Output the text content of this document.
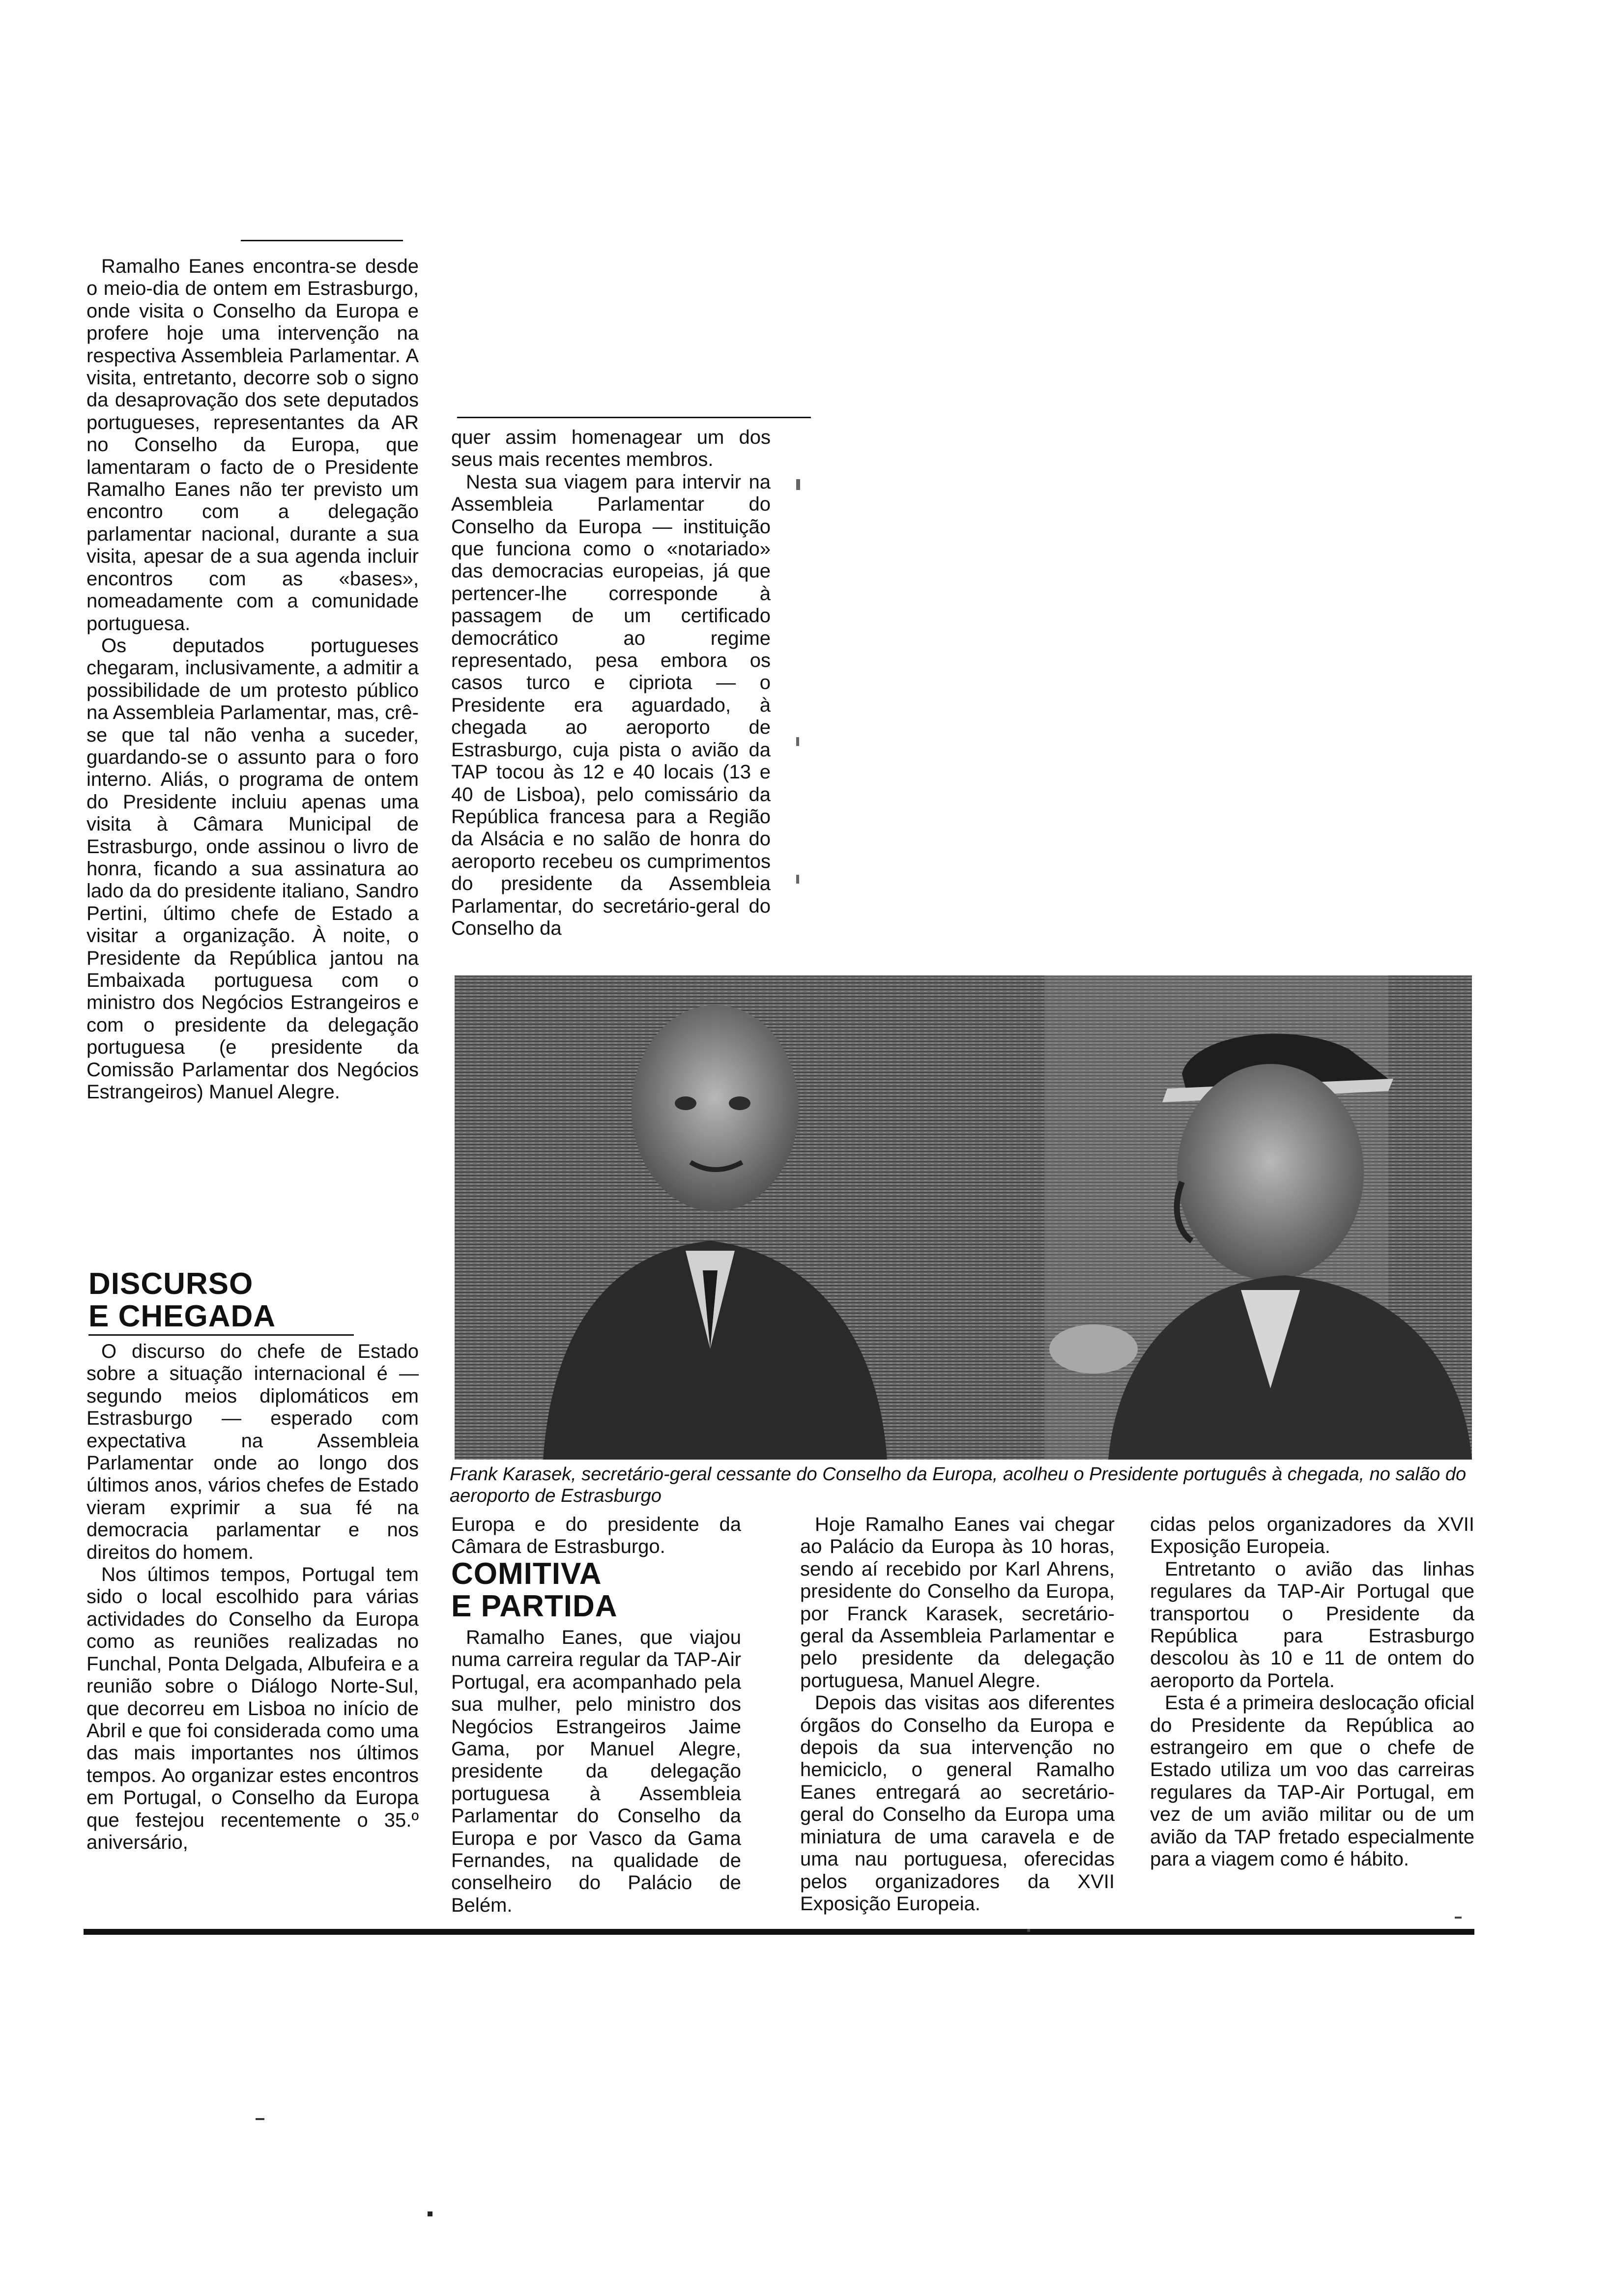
Ramalho Eanes encontra-se desde o meio-dia de ontem em Estrasburgo, onde visita o Conselho da Europa e profere hoje uma intervenção na respectiva Assembleia Parlamentar. A visita, entretanto, decorre sob o signo da desaprovação dos sete deputados portugueses, representantes da AR no Conselho da Europa, que lamentaram o facto de o Presidente Ramalho Eanes não ter previsto um encontro com a delegação parlamentar nacional, durante a sua visita, apesar de a sua agenda incluir encontros com as «bases», nomeadamente com a comunidade portuguesa.

Os deputados portugueses chegaram, inclusivamente, a admitir a possibilidade de um protesto público na Assembleia Parlamentar, mas, crê-se que tal não venha a suceder, guardando-se o assunto para o foro interno. Aliás, o programa de ontem do Presidente incluiu apenas uma visita à Câmara Municipal de Estrasburgo, onde assinou o livro de honra, ficando a sua assinatura ao lado da do presidente italiano, Sandro Pertini, último chefe de Estado a visitar a organização. À noite, o Presidente da República jantou na Embaixada portuguesa com o ministro dos Negócios Estrangeiros e com o presidente da delegação portuguesa (e presidente da Comissão Parlamentar dos Negócios Estrangeiros) Manuel Alegre.

DISCURSO
E CHEGADA

O discurso do chefe de Estado sobre a situação internacional é — segundo meios diplomáticos em Estrasburgo — esperado com expectativa na Assembleia Parlamentar onde ao longo dos últimos anos, vários chefes de Estado vieram exprimir a sua fé na democracia parlamentar e nos direitos do homem.

Nos últimos tempos, Portugal tem sido o local escolhido para várias actividades do Conselho da Europa como as reuniões realizadas no Funchal, Ponta Delgada, Albufeira e a reunião sobre o Diálogo Norte-Sul, que decorreu em Lisboa no início de Abril e que foi considerada como uma das mais importantes nos últimos tempos. Ao organizar estes encontros em Portugal, o Conselho da Europa que festejou recentemente o 35.º aniversário,

quer assim homenagear um dos seus mais recentes membros.

Nesta sua viagem para intervir na Assembleia Parlamentar do Conselho da Europa — instituição que funciona como o «notariado» das democracias europeias, já que pertencer-lhe corresponde à passagem de um certificado democrático ao regime representado, pesa embora os casos turco e cipriota — o Presidente era aguardado, à chegada ao aeroporto de Estrasburgo, cuja pista o avião da TAP tocou às 12 e 40 locais (13 e 40 de Lisboa), pelo comissário da República francesa para a Região da Alsácia e no salão de honra do aeroporto recebeu os cumprimentos do presidente da Assembleia Parlamentar, do secretário-geral do Conselho da

Frank Karasek, secretário-geral cessante do Conselho da Europa, acolheu o Presidente português à chegada, no salão do aeroporto de Estrasburgo

Europa e do presidente da Câmara de Estrasburgo.

COMITIVA
E PARTIDA

Ramalho Eanes, que viajou numa carreira regular da TAP-Air Portugal, era acompanhado pela sua mulher, pelo ministro dos Negócios Estrangeiros Jaime Gama, por Manuel Alegre, presidente da delegação portuguesa à Assembleia Parlamentar do Conselho da Europa e por Vasco da Gama Fernandes, na qualidade de conselheiro do Palácio de Belém.

Hoje Ramalho Eanes vai chegar ao Palácio da Europa às 10 horas, sendo aí recebido por Karl Ahrens, presidente do Conselho da Europa, por Franck Karasek, secretário-geral da Assembleia Parlamentar e pelo presidente da delegação portuguesa, Manuel Alegre.

Depois das visitas aos diferentes órgãos do Conselho da Europa e depois da sua intervenção no hemiciclo, o general Ramalho Eanes entregará ao secretário-geral do Conselho da Europa uma miniatura de uma caravela e de uma nau portuguesa, oferecidas pelos organizadores da XVII Exposição Europeia.

cidas pelos organizadores da XVII Exposição Europeia.

Entretanto o avião das linhas regulares da TAP-Air Portugal que transportou o Presidente da República para Estrasburgo descolou às 10 e 11 de ontem do aeroporto da Portela.

Esta é a primeira deslocação oficial do Presidente da República ao estrangeiro em que o chefe de Estado utiliza um voo das carreiras regulares da TAP-Air Portugal, em vez de um avião militar ou de um avião da TAP fretado especialmente para a viagem como é hábito.
